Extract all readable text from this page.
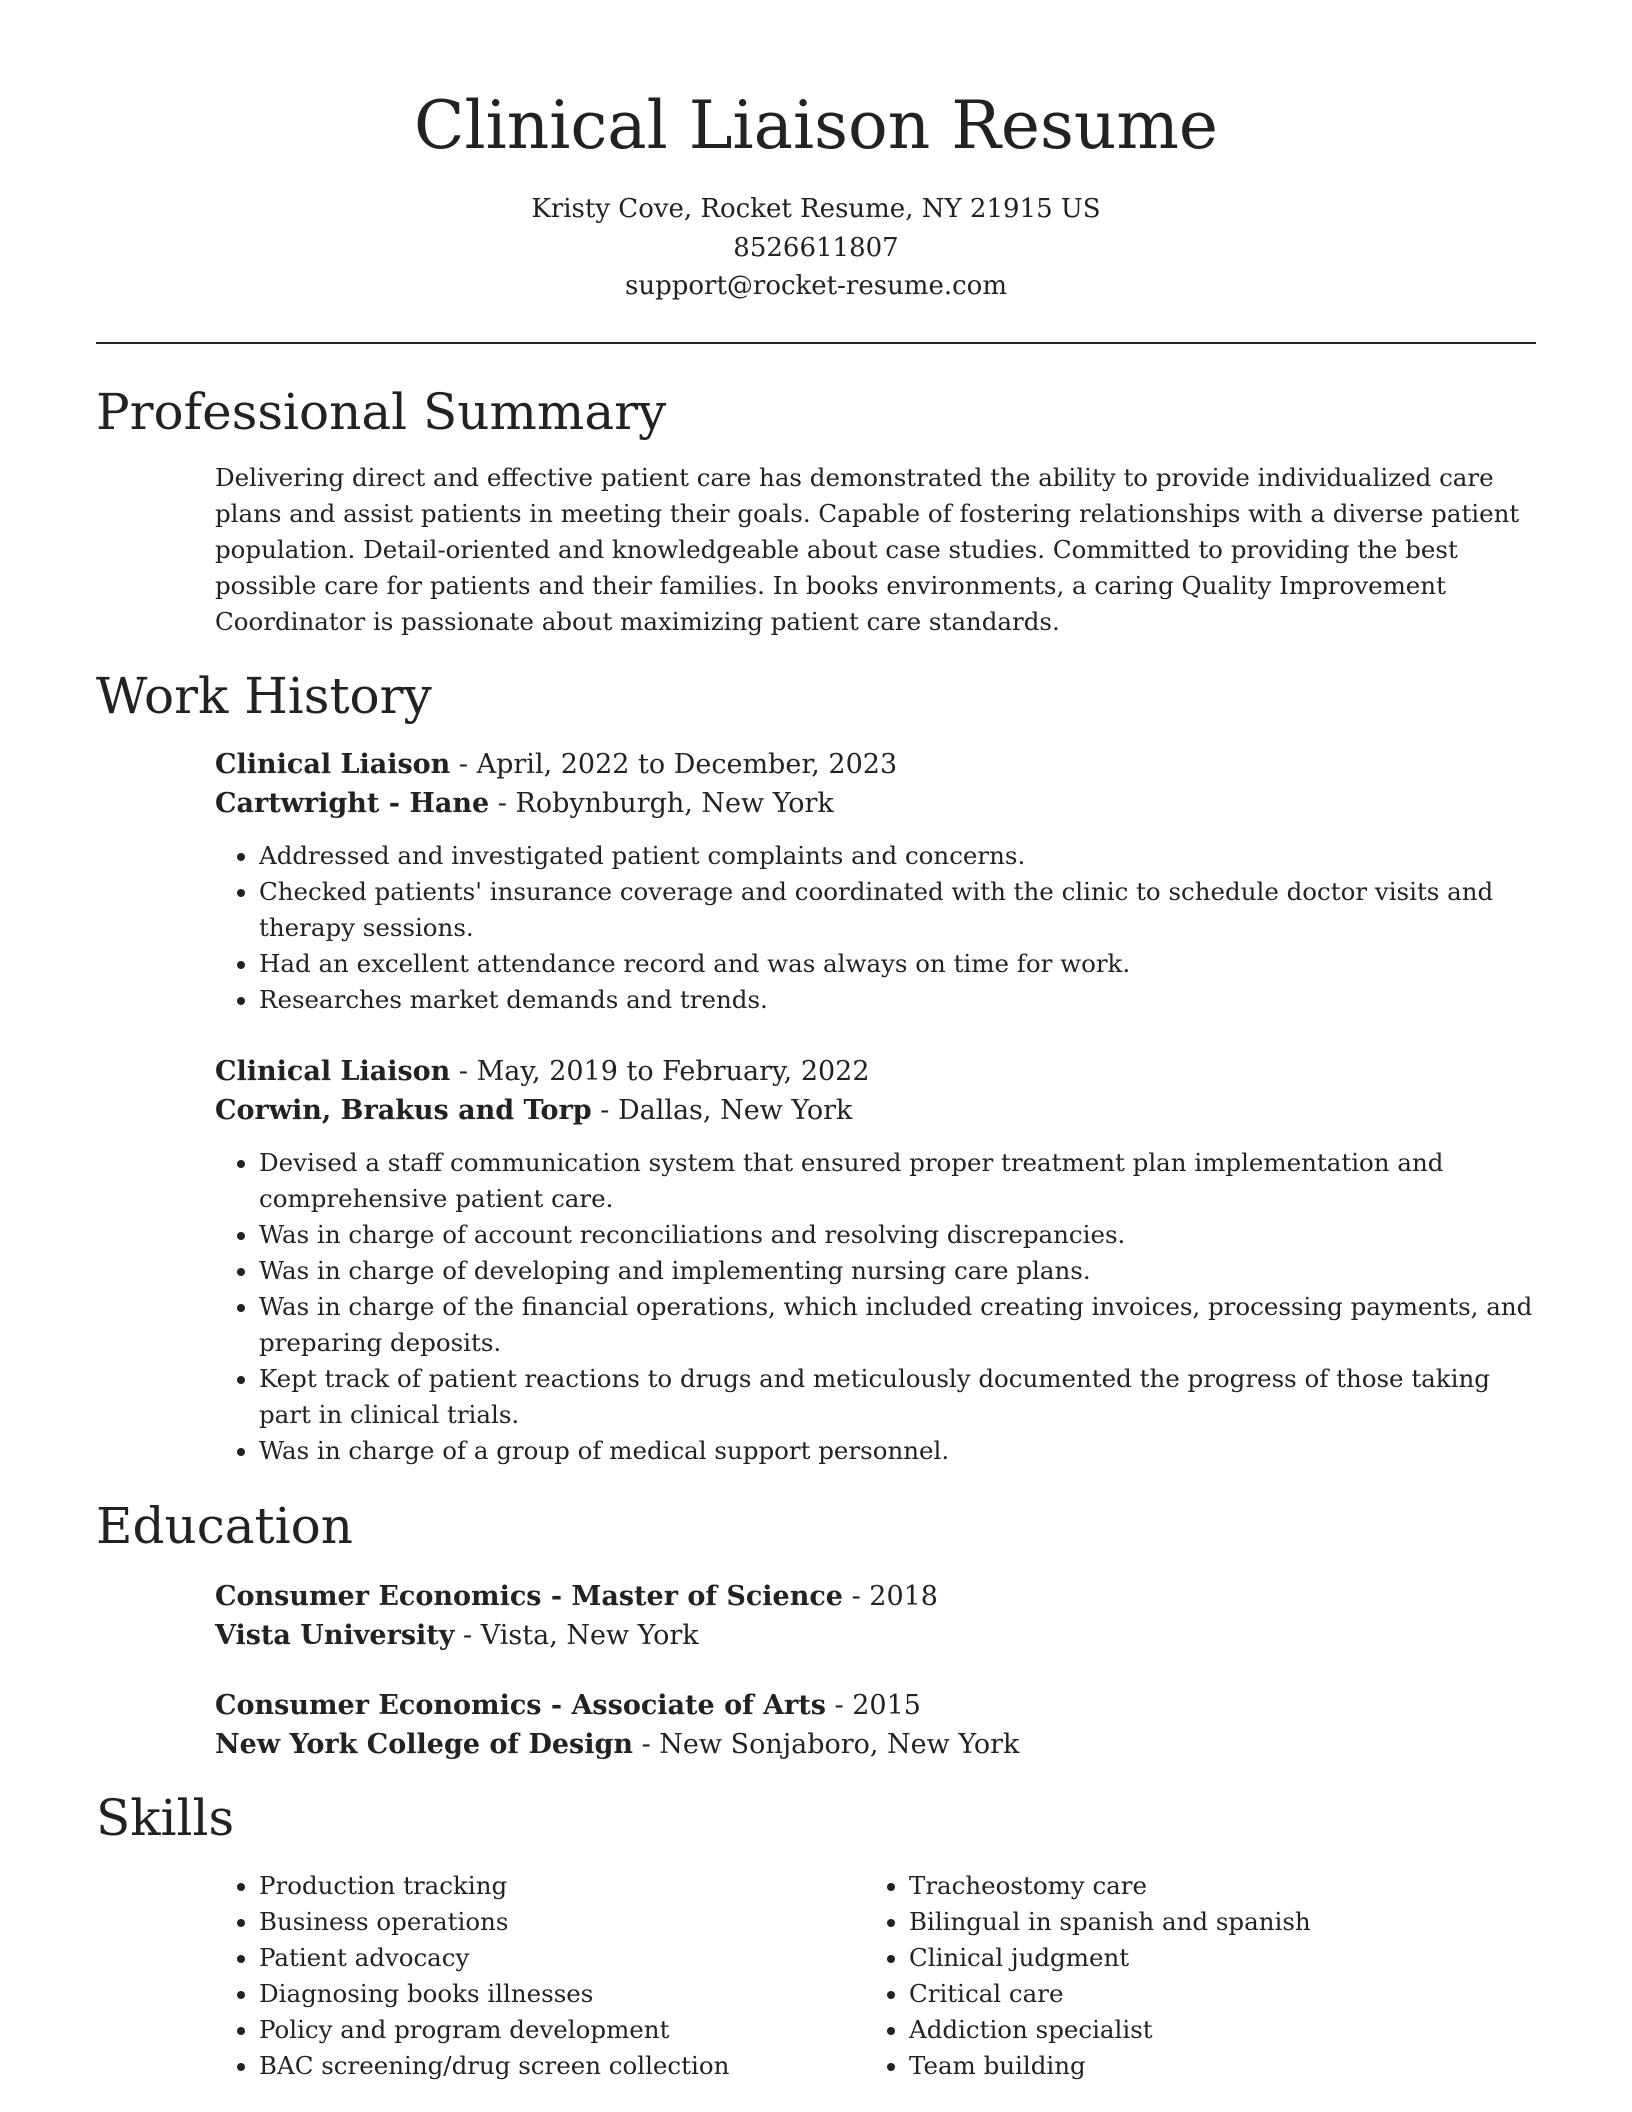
Clinical Liaison Resume
Kristy Cove, Rocket Resume, NY 21915 US
8526611807
support@rocket-resume.com
Professional Summary
Delivering direct and effective patient care has demonstrated the ability to provide individualized care plans and assist patients in meeting their goals. Capable of fostering relationships with a diverse patient population. Detail-oriented and knowledgeable about case studies. Committed to providing the best possible care for patients and their families. In books environments, a caring Quality Improvement Coordinator is passionate about maximizing patient care standards.
Work History
Clinical Liaison - April, 2022 to December, 2023
Cartwright - Hane - Robynburgh, New York
• Addressed and investigated patient complaints and concerns.
• Checked patients' insurance coverage and coordinated with the clinic to schedule doctor visits and therapy sessions.
• Had an excellent attendance record and was always on time for work.
• Researches market demands and trends.
Clinical Liaison - May, 2019 to February, 2022
Corwin, Brakus and Torp - Dallas, New York
• Devised a staff communication system that ensured proper treatment plan implementation and comprehensive patient care.
• Was in charge of account reconciliations and resolving discrepancies.
• Was in charge of developing and implementing nursing care plans.
• Was in charge of the financial operations, which included creating invoices, processing payments, and preparing deposits.
• Kept track of patient reactions to drugs and meticulously documented the progress of those taking part in clinical trials.
• Was in charge of a group of medical support personnel.
Education
Consumer Economics - Master of Science - 2018
Vista University - Vista, New York
Consumer Economics - Associate of Arts - 2015
New York College of Design - New Sonjaboro, New York
Skills
• Production tracking
• Business operations
• Patient advocacy
• Diagnosing books illnesses
• Policy and program development
• BAC screening/drug screen collection
• Tracheostomy care
• Bilingual in spanish and spanish
• Clinical judgment
• Critical care
• Addiction specialist
• Team building
